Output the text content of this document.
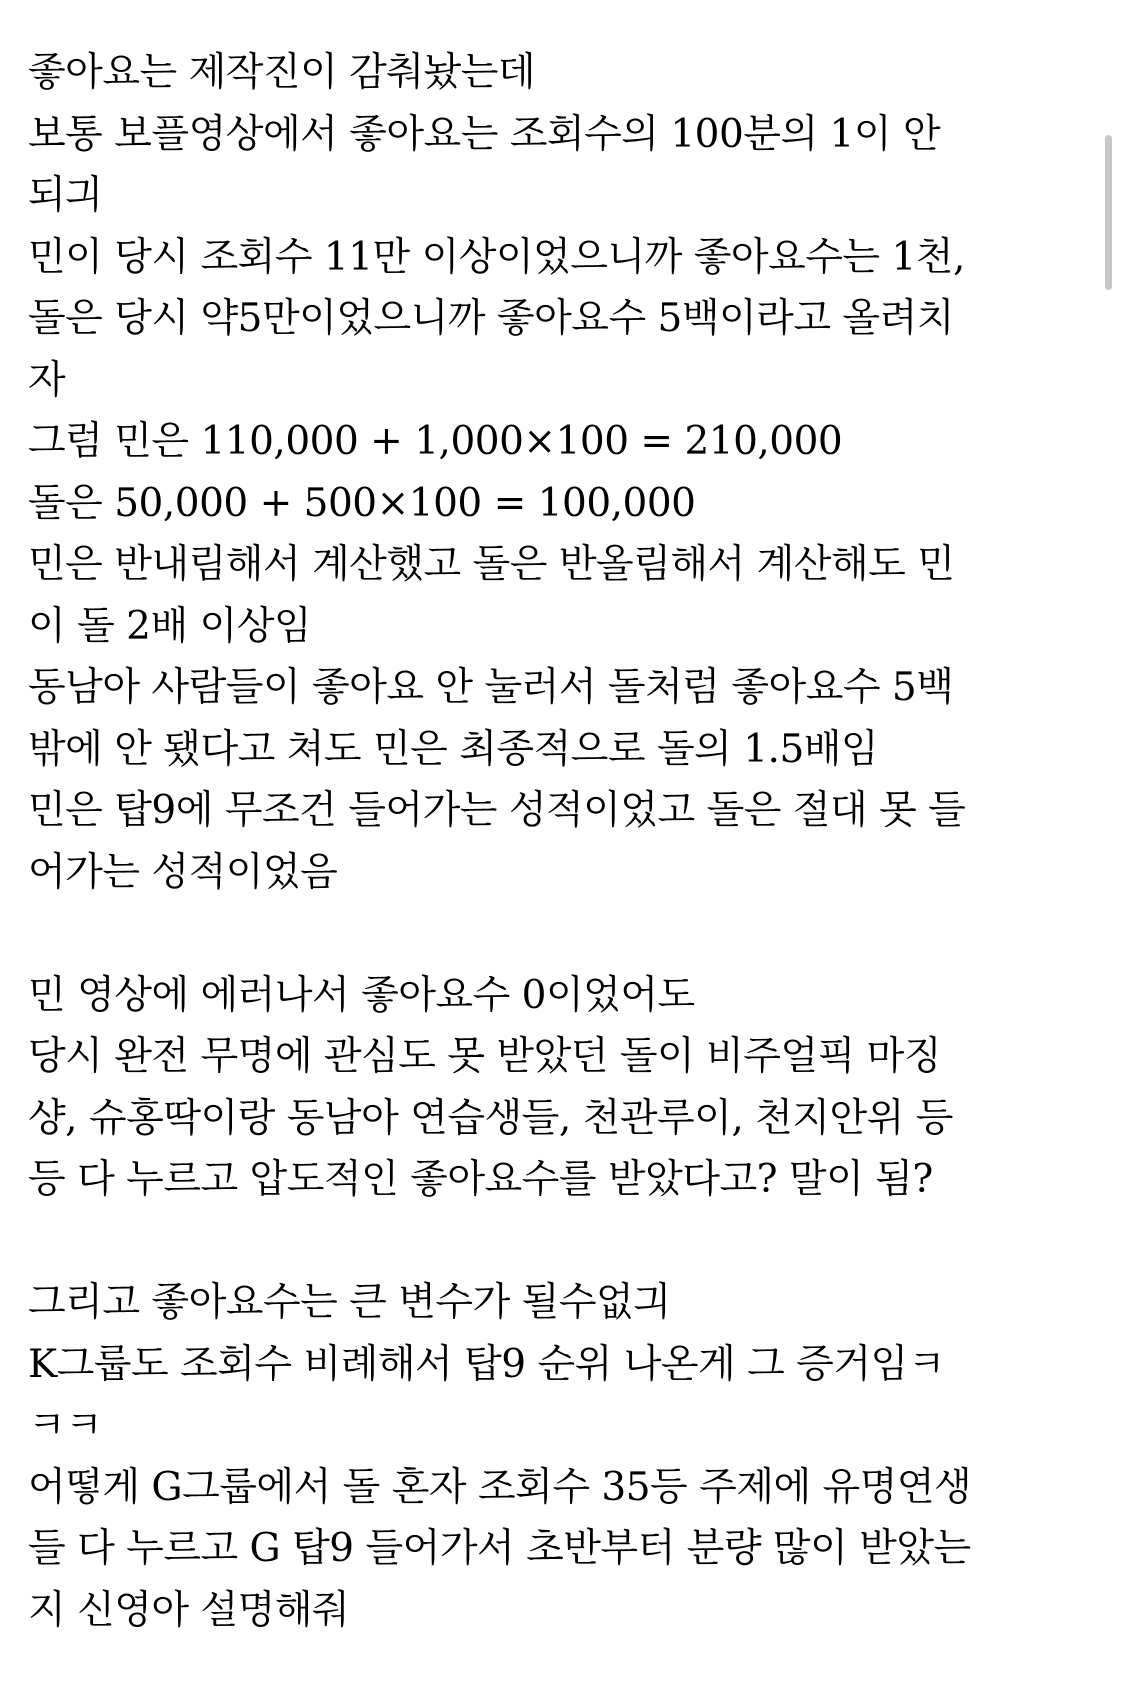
좋아요는 제작진이 감춰놨는데
보통 보플영상에서 좋아요는 조회수의 100분의 1이 안
되긔
민이 당시 조회수 11만 이상이었으니까 좋아요수는 1천,
돌은 당시 약5만이었으니까 좋아요수 5백이라고 올려치
자
그럼 민은 110,000 + 1,000×100 = 210,000
돌은 50,000 + 500×100 = 100,000
민은 반내림해서 계산했고 돌은 반올림해서 계산해도 민
이 돌 2배 이상임
동남아 사람들이 좋아요 안 눌러서 돌처럼 좋아요수 5백
밖에 안 됐다고 쳐도 민은 최종적으로 돌의 1.5배임
민은 탑9에 무조건 들어가는 성적이었고 돌은 절대 못 들
어가는 성적이었음
민 영상에 에러나서 좋아요수 0이었어도
당시 완전 무명에 관심도 못 받았던 돌이 비주얼픽 마징
샹, 슈홍딱이랑 동남아 연습생들, 천관루이, 천지안위 등
등 다 누르고 압도적인 좋아요수를 받았다고? 말이 됨?
그리고 좋아요수는 큰 변수가 될수없긔
K그룹도 조회수 비례해서 탑9 순위 나온게 그 증거임ㅋ
ㅋㅋ
어떻게 G그룹에서 돌 혼자 조회수 35등 주제에 유명연생
들 다 누르고 G 탑9 들어가서 초반부터 분량 많이 받았는
지 신영아 설명해줘
